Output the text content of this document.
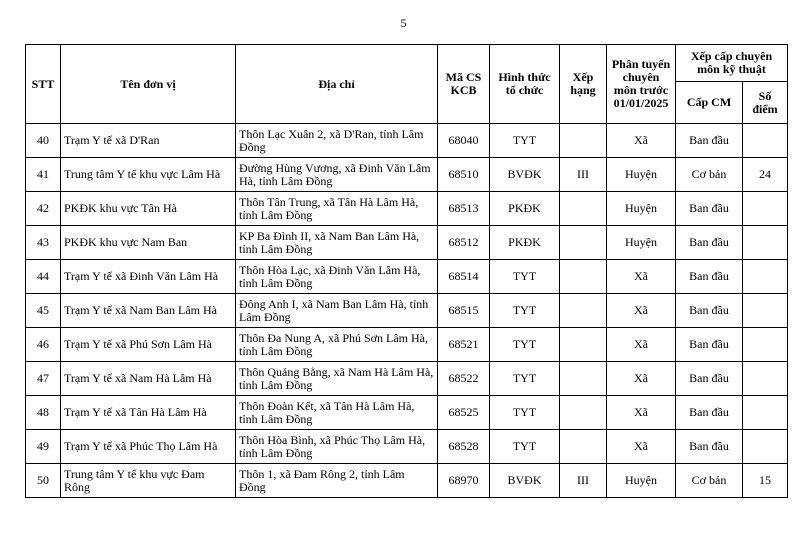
5
STT	Tên đơn vị	Địa chỉ	Mã CS KCB	Hình thức tổ chức	Xếp hạng	Phân tuyến chuyên môn trước 01/01/2025	Xếp cấp chuyên môn kỹ thuật	
							Cấp CM	Số điểm
40	Trạm Y tế xã D'Ran	Thôn Lạc Xuân 2, xã D'Ran, tỉnh Lâm Đồng	68040	TYT		Xã	Ban đầu	
41	Trung tâm Y tế khu vực Lâm Hà	Đường Hùng Vương, xã Đinh Văn Lâm Hà, tỉnh Lâm Đồng	68510	BVĐK	III	Huyện	Cơ bản	24
42	PKĐK khu vực Tân Hà	Thôn Tân Trung, xã Tân Hà Lâm Hà, tỉnh Lâm Đồng	68513	PKĐK		Huyện	Ban đầu	
43	PKĐK khu vực Nam Ban	KP Ba Đình II, xã Nam Ban Lâm Hà, tỉnh Lâm Đồng	68512	PKĐK		Huyện	Ban đầu	
44	Trạm Y tế xã Đinh Văn Lâm Hà	Thôn Hòa Lạc, xã Đinh Văn Lâm Hà, tỉnh Lâm Đồng	68514	TYT		Xã	Ban đầu	
45	Trạm Y tế xã Nam Ban Lâm Hà	Đông Anh I, xã Nam Ban Lâm Hà, tỉnh Lâm Đồng	68515	TYT		Xã	Ban đầu	
46	Trạm Y tế xã Phú Sơn Lâm Hà	Thôn Đa Nung A, xã Phú Sơn Lâm Hà, tỉnh Lâm Đồng	68521	TYT		Xã	Ban đầu	
47	Trạm Y tế xã Nam Hà Lâm Hà	Thôn Quảng Bằng, xã Nam Hà Lâm Hà, tỉnh Lâm Đồng	68522	TYT		Xã	Ban đầu	
48	Trạm Y tế xã Tân Hà Lâm Hà	Thôn Đoàn Kết, xã Tân Hà Lâm Hà, tỉnh Lâm Đồng	68525	TYT		Xã	Ban đầu	
49	Trạm Y tế xã Phúc Thọ Lâm Hà	Thôn Hòa Bình, xã Phúc Thọ Lâm Hà, tỉnh Lâm Đồng	68528	TYT		Xã	Ban đầu	
50	Trung tâm Y tế khu vực Đam Rông	Thôn 1, xã Đam Rông 2, tỉnh Lâm Đồng	68970	BVĐK	III	Huyện	Cơ bản	15
